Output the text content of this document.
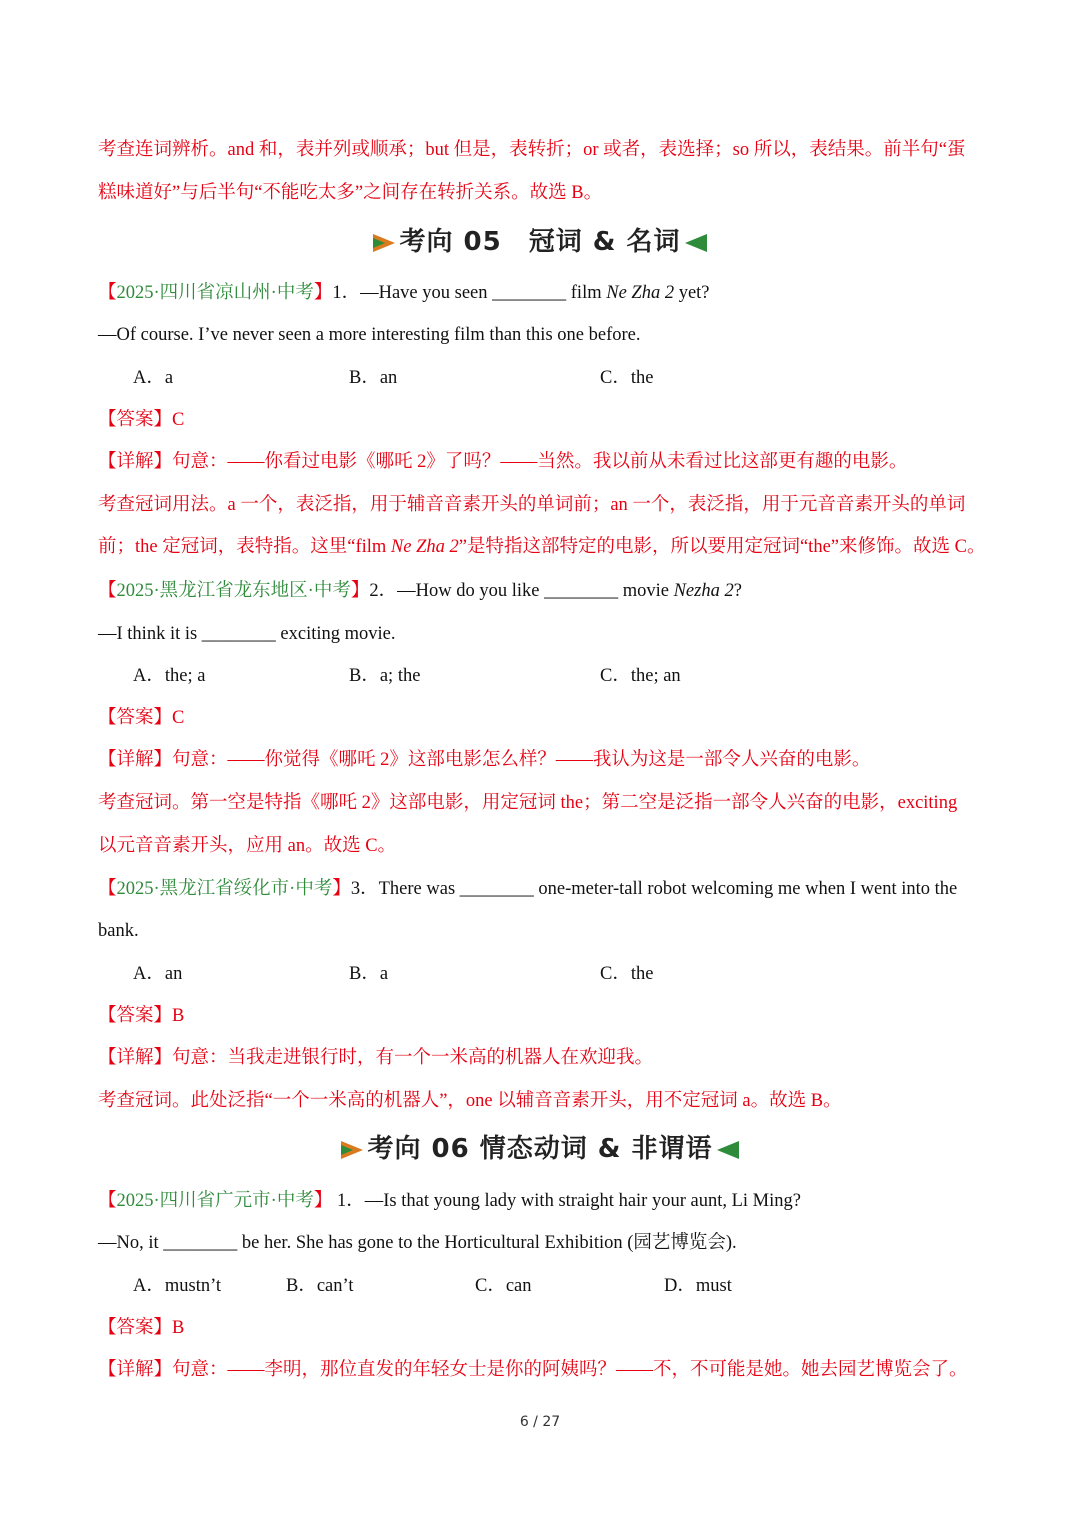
考查连词辨析。and 和，表并列或顺承；but 但是，表转折；or 或者，表选择；so 所以，表结果。前半句“蛋
糕味道好”与后半句“不能吃太多”之间存在转折关系。故选 B。
考向 05　冠词 & 名词
【2025·四川省凉山州·中考】1．—Have you seen ________ film Ne Zha 2 yet?
—Of course. I’ve never seen a more interesting film than this one before.
A．a	B．an	C．the
【答案】C
【详解】句意：——你看过电影《哪吒 2》了吗？——当然。我以前从未看过比这部更有趣的电影。
考查冠词用法。a 一个，表泛指，用于辅音音素开头的单词前；an 一个，表泛指，用于元音音素开头的单词
前；the 定冠词，表特指。这里“film Ne Zha 2”是特指这部特定的电影，所以要用定冠词“the”来修饰。故选 C。
【2025·黑龙江省龙东地区·中考】2．—How do you like ________ movie Nezha 2?
—I think it is ________ exciting movie.
A．the; a	B．a; the	C．the; an
【答案】C
【详解】句意：——你觉得《哪吒 2》这部电影怎么样？——我认为这是一部令人兴奋的电影。
考查冠词。第一空是特指《哪吒 2》这部电影，用定冠词 the；第二空是泛指一部令人兴奋的电影，exciting
以元音音素开头，应用 an。故选 C。
【2025·黑龙江省绥化市·中考】3．There was ________ one-meter-tall robot welcoming me when I went into the
bank.
A．an	B．a	C．the
【答案】B
【详解】句意：当我走进银行时，有一个一米高的机器人在欢迎我。
考查冠词。此处泛指“一个一米高的机器人”，one 以辅音音素开头，用不定冠词 a。故选 B。
考向 06 情态动词 & 非谓语
【2025·四川省广元市·中考】 1．—Is that young lady with straight hair your aunt, Li Ming?
—No, it ________ be her. She has gone to the Horticultural Exhibition (园艺博览会).
A．mustn’t	B．can’t	C．can	D．must
【答案】B
【详解】句意：——李明，那位直发的年轻女士是你的阿姨吗？——不，不可能是她。她去园艺博览会了。
6 / 27
